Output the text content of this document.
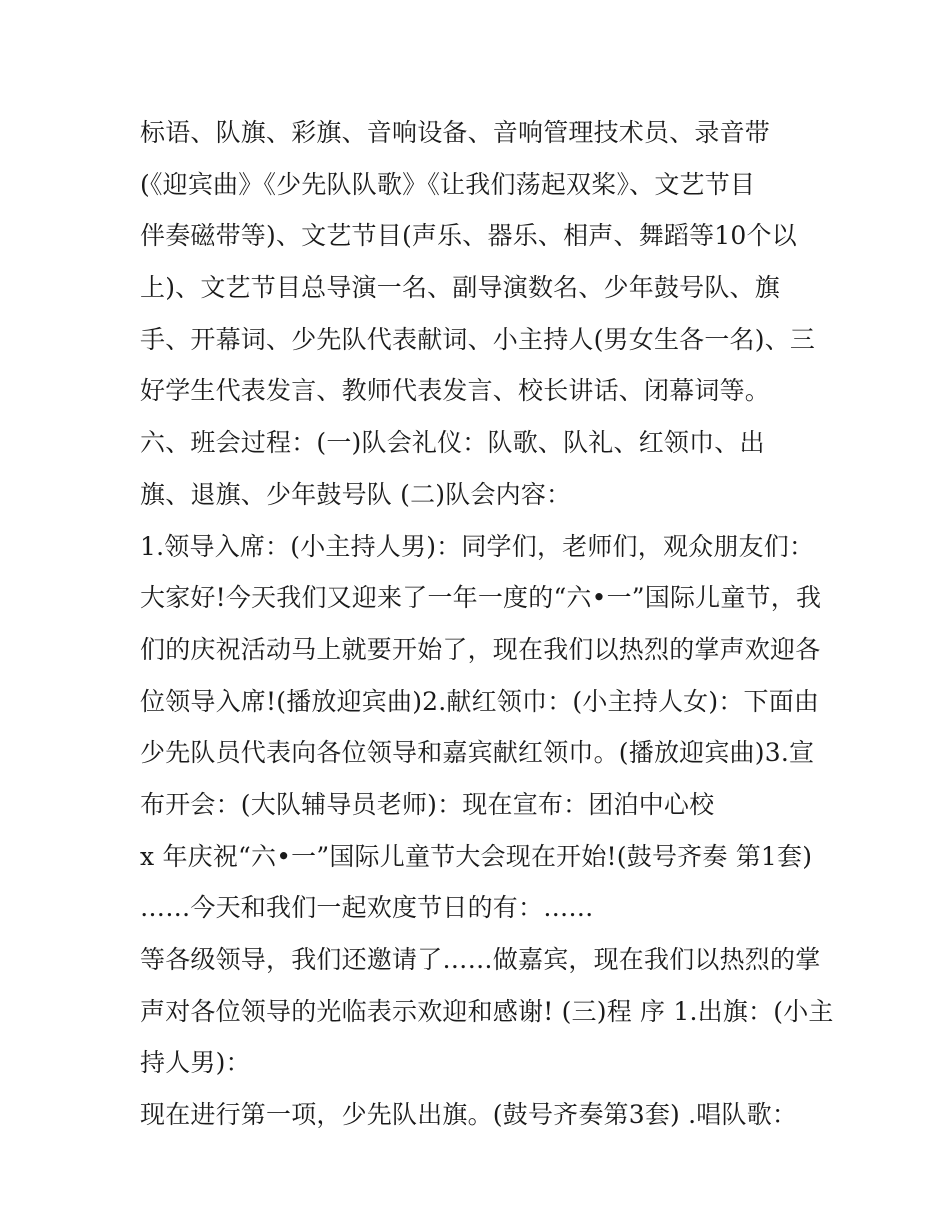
标语、队旗、彩旗、音响设备、音响管理技术员、录音带
(《迎宾曲》《少先队队歌》《让我们荡起双桨》、文艺节目
伴奏磁带等)、文艺节目(声乐、器乐、相声、舞蹈等10个以
上)、文艺节目总导演一名、副导演数名、少年鼓号队、旗
手、开幕词、少先队代表献词、小主持人(男女生各一名)、三
好学生代表发言、教师代表发言、校长讲话、闭幕词等。
六、班会过程：(一)队会礼仪：队歌、队礼、红领巾、出
旗、退旗、少年鼓号队 (二)队会内容：
1.领导入席：(小主持人男)：同学们，老师们，观众朋友们：
大家好!今天我们又迎来了一年一度的“六•一”国际儿童节，我
们的庆祝活动马上就要开始了，现在我们以热烈的掌声欢迎各
位领导入席!(播放迎宾曲)2.献红领巾：(小主持人女)：下面由
少先队员代表向各位领导和嘉宾献红领巾。(播放迎宾曲)3.宣
布开会：(大队辅导员老师)：现在宣布：团泊中心校
x 年庆祝“六•一”国际儿童节大会现在开始!(鼓号齐奏 第1套)
……今天和我们一起欢度节日的有：……
等各级领导，我们还邀请了……做嘉宾，现在我们以热烈的掌
声对各位领导的光临表示欢迎和感谢! (三)程 序 1.出旗：(小主
持人男)：
现在进行第一项，少先队出旗。(鼓号齐奏第3套) .唱队歌：
